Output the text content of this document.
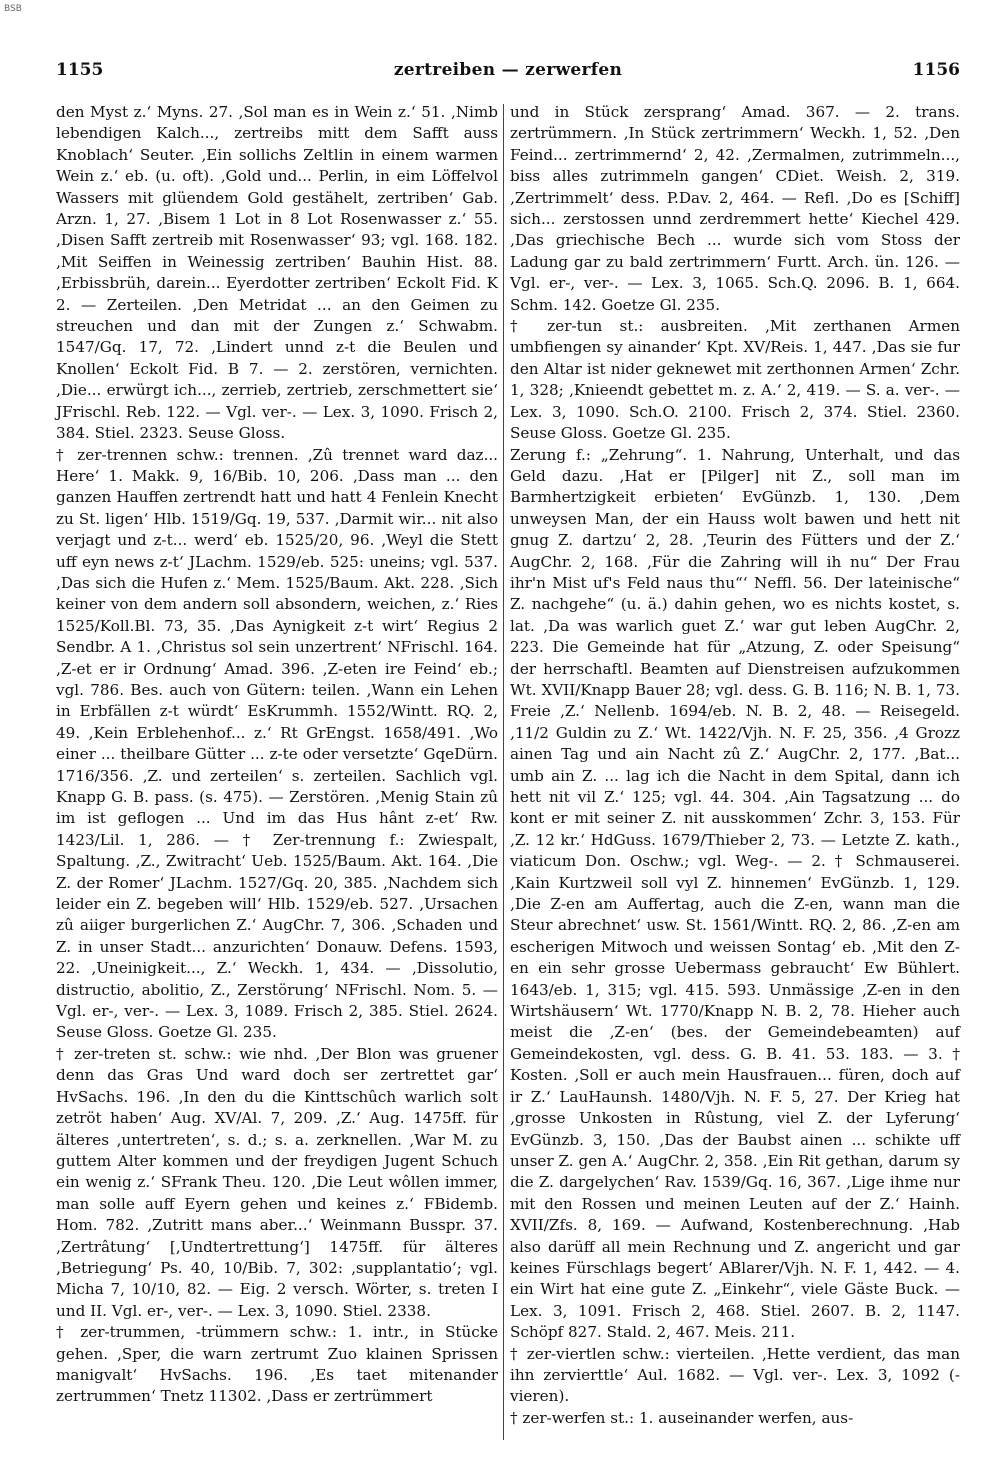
BSB
1155	zertreiben — zerwerfen	1156

den Myst z.‘ Myns. 27. ‚Sol man es in Wein z.‘ 51. ‚Nimb lebendigen Kalch..., zertreibs mitt dem Safft auss Knoblach‘ Seuter. ‚Ein sollichs Zeltlin in einem warmen Wein z.‘ eb. (u. oft). ‚Gold und... Perlin, in eim Löffelvol Wassers mit glüendem Gold gestähelt, zertriben‘ Gab. Arzn. 1, 27. ‚Bisem 1 Lot in 8 Lot Rosenwasser z.‘ 55. ‚Disen Safft zertreib mit Rosenwasser‘ 93; vgl. 168. 182. ‚Mit Seiffen in Weinessig zertriben‘ Bauhin Hist. 88. ‚Erbissbrüh, darein... Eyerdotter zertriben‘ Eckolt Fid. K 2. — Zerteilen. ‚Den Metridat ... an den Geimen zu streuchen und dan mit der Zungen z.‘ Schwabm. 1547/Gq. 17, 72. ‚Lindert unnd z-t die Beulen und Knollen‘ Eckolt Fid. B 7. — 2. zerstören, vernichten. ‚Die... erwürgt ich..., zerrieb, zertrieb, zerschmettert sie‘ JFrischl. Reb. 122. — Vgl. ver-. — Lex. 3, 1090. Frisch 2, 384. Stiel. 2323. Seuse Gloss.

† zer-trennen schw.: trennen. ‚Zû trennet ward daz... Here‘ 1. Makk. 9, 16/Bib. 10, 206. ‚Dass man ... den ganzen Hauffen zertrendt hatt und hatt 4 Fenlein Knecht zu St. ligen‘ Hlb. 1519/Gq. 19, 537. ‚Darmit wir... nit also verjagt und z-t... werd‘ eb. 1525/20, 96. ‚Weyl die Stett uff eyn news z-t‘ JLachm. 1529/eb. 525: uneins; vgl. 537. ‚Das sich die Hufen z.‘ Mem. 1525/Baum. Akt. 228. ‚Sich keiner von dem andern soll absondern, weichen, z.‘ Ries 1525/Koll.Bl. 73, 35. ‚Das Aynigkeit z-t wirt‘ Regius 2 Sendbr. A 1. ‚Christus sol sein unzertrent‘ NFrischl. 164. ‚Z-et er ir Ordnung‘ Amad. 396. ‚Z-eten ire Feind‘ eb.; vgl. 786. Bes. auch von Gütern: teilen. ‚Wann ein Lehen in Erbfällen z-t würdt‘ EsKrummh. 1552/Wintt. RQ. 2, 49. ‚Kein Erblehenhof... z.‘ Rt GrEngst. 1658/491. ‚Wo einer ... theilbare Gütter ... z-te oder versetzte‘ GqeDürn. 1716/356. ‚Z. und zerteilen‘ s. zerteilen. Sachlich vgl. Knapp G. B. pass. (s. 475). — Zerstören. ‚Menig Stain zû im ist geflogen ... Und im das Hus hânt z-et‘ Rw. 1423/Lil. 1, 286. — † Zer-trennung f.: Zwiespalt, Spaltung. ‚Z., Zwitracht‘ Ueb. 1525/Baum. Akt. 164. ‚Die Z. der Romer‘ JLachm. 1527/Gq. 20, 385. ‚Nachdem sich leider ein Z. begeben will‘ Hlb. 1529/eb. 527. ‚Ursachen zû aiiger burgerlichen Z.‘ AugChr. 7, 306. ‚Schaden und Z. in unser Stadt... anzurichten‘ Donauw. Defens. 1593, 22. ‚Uneinigkeit..., Z.‘ Weckh. 1, 434. — ‚Dissolutio, distructio, abolitio, Z., Zerstörung‘ NFrischl. Nom. 5. — Vgl. er-, ver-. — Lex. 3, 1089. Frisch 2, 385. Stiel. 2624. Seuse Gloss. Goetze Gl. 235.

† zer-treten st. schw.: wie nhd. ‚Der Blon was gruener denn das Gras Und ward doch ser zertrettet gar‘ HvSachs. 196. ‚In den du die Kinttschûch warlich solt zetröt haben‘ Aug. XV/Al. 7, 209. ‚Z.‘ Aug. 1475ff. für älteres ‚untertreten‘, s. d.; s. a. zerknellen. ‚War M. zu guttem Alter kommen und der freydigen Jugent Schuch ein wenig z.‘ SFrank Theu. 120. ‚Die Leut wôllen immer, man solle auff Eyern gehen und keines z.‘ FBidemb. Hom. 782. ‚Zutritt mans aber...‘ Weinmann Busspr. 37. ‚Zertrâtung‘ [‚Undtertrettung‘] 1475ff. für älteres ‚Betriegung‘ Ps. 40, 10/Bib. 7, 302: ‚supplantatio‘; vgl. Micha 7, 10/10, 82. — Eig. 2 versch. Wörter, s. treten I und II. Vgl. er-, ver-. — Lex. 3, 1090. Stiel. 2338.

† zer-trummen, -trümmern schw.: 1. intr., in Stücke gehen. ‚Sper, die warn zertrumt Zuo klainen Sprissen manigvalt‘ HvSachs. 196. ‚Es taet mitenander zertrummen‘ Tnetz 11302. ‚Dass er zertrümmert

und in Stück zersprang‘ Amad. 367. — 2. trans. zertrümmern. ‚In Stück zertrimmern‘ Weckh. 1, 52. ‚Den Feind... zertrimmernd‘ 2, 42. ‚Zermalmen, zutrimmeln..., biss alles zutrimmeln gangen‘ CDiet. Weish. 2, 319. ‚Zertrimmelt‘ dess. P.Dav. 2, 464. — Refl. ‚Do es [Schiff] sich... zerstossen unnd zerdremmert hette‘ Kiechel 429. ‚Das griechische Bech ... wurde sich vom Stoss der Ladung gar zu bald zertrimmern‘ Furtt. Arch. ün. 126. — Vgl. er-, ver-. — Lex. 3, 1065. Sch.Q. 2096. B. 1, 664. Schm. 142. Goetze Gl. 235.

† zer-tun st.: ausbreiten. ‚Mit zerthanen Armen umbfiengen sy ainander‘ Kpt. XV/Reis. 1, 447. ‚Das sie fur den Altar ist nider geknewet mit zerthonnen Armen‘ Zchr. 1, 328; ‚Knieendt gebettet m. z. A.‘ 2, 419. — S. a. ver-. — Lex. 3, 1090. Sch.O. 2100. Frisch 2, 374. Stiel. 2360. Seuse Gloss. Goetze Gl. 235.

Zerung f.: „Zehrung“. 1. Nahrung, Unterhalt, und das Geld dazu. ‚Hat er [Pilger] nit Z., soll man im Barmhertzigkeit erbieten‘ EvGünzb. 1, 130. ‚Dem unweysen Man, der ein Hauss wolt bawen und hett nit gnug Z. dartzu‘ 2, 28. ‚Teurin des Fütters und der Z.‘ AugChr. 2, 168. ‚Für die Zahring will ih nu“ Der Frau ihr'n Mist uf's Feld naus thu“‘ Neffl. 56. Der lateinische“ Z. nachgehe“ (u. ä.) dahin gehen, wo es nichts kostet, s. lat. ‚Da was warlich guet Z.‘ war gut leben AugChr. 2, 223. Die Gemeinde hat für „Atzung, Z. oder Speisung“ der herrschaftl. Beamten auf Dienstreisen aufzukommen Wt. XVII/Knapp Bauer 28; vgl. dess. G. B. 116; N. B. 1, 73. Freie ‚Z.‘ Nellenb. 1694/eb. N. B. 2, 48. — Reisegeld. ‚11/2 Guldin zu Z.‘ Wt. 1422/Vjh. N. F. 25, 356. ‚4 Grozz ainen Tag und ain Nacht zû Z.‘ AugChr. 2, 177. ‚Bat... umb ain Z. ... lag ich die Nacht in dem Spital, dann ich hett nit vil Z.‘ 125; vgl. 44. 304. ‚Ain Tagsatzung ... do kont er mit seiner Z. nit ausskommen‘ Zchr. 3, 153. Für ‚Z. 12 kr.‘ HdGuss. 1679/Thieber 2, 73. — Letzte Z. kath., viaticum Don. Oschw.; vgl. Weg-. — 2. † Schmauserei. ‚Kain Kurtzweil soll vyl Z. hinnemen‘ EvGünzb. 1, 129. ‚Die Z-en am Auffertag, auch die Z-en, wann man die Steur abrechnet‘ usw. St. 1561/Wintt. RQ. 2, 86. ‚Z-en am escherigen Mitwoch und weissen Sontag‘ eb. ‚Mit den Z-en ein sehr grosse Uebermass gebraucht‘ Ew Bühlert. 1643/eb. 1, 315; vgl. 415. 593. Unmässige ‚Z-en in den Wirtshäusern‘ Wt. 1770/Knapp N. B. 2, 78. Hieher auch meist die ‚Z-en‘ (bes. der Gemeindebeamten) auf Gemeindekosten, vgl. dess. G. B. 41. 53. 183. — 3. † Kosten. ‚Soll er auch mein Hausfrauen... füren, doch auf ir Z.‘ LauHaunsh. 1480/Vjh. N. F. 5, 27. Der Krieg hat ‚grosse Unkosten in Rûstung, viel Z. der Lyferung‘ EvGünzb. 3, 150. ‚Das der Baubst ainen ... schikte uff unser Z. gen A.‘ AugChr. 2, 358. ‚Ein Rit gethan, darum sy die Z. dargelychen‘ Rav. 1539/Gq. 16, 367. ‚Lige ihme nur mit den Rossen und meinen Leuten auf der Z.‘ Hainh. XVII/Zfs. 8, 169. — Aufwand, Kostenberechnung. ‚Hab also darüff all mein Rechnung und Z. angericht und gar keines Fürschlags begert‘ ABlarer/Vjh. N. F. 1, 442. — 4. ein Wirt hat eine gute Z. „Einkehr“, viele Gäste Buck. — Lex. 3, 1091. Frisch 2, 468. Stiel. 2607. B. 2, 1147. Schöpf 827. Stald. 2, 467. Meis. 211.

† zer-viertlen schw.: vierteilen. ‚Hette verdient, das man ihn zervierttle‘ Aul. 1682. — Vgl. ver-. Lex. 3, 1092 (-vieren).

† zer-werfen st.: 1. auseinander werfen, aus-
